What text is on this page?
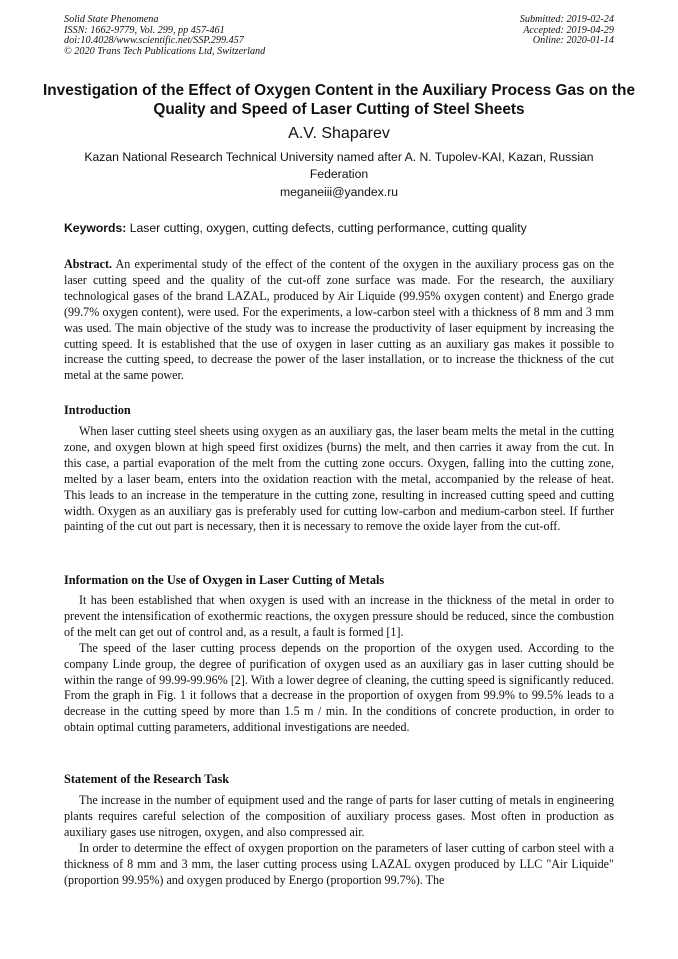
Solid State Phenomena
ISSN: 1662-9779, Vol. 299, pp 457-461
doi:10.4028/www.scientific.net/SSP.299.457
© 2020 Trans Tech Publications Ltd, Switzerland
Submitted: 2019-02-24
Accepted: 2019-04-29
Online: 2020-01-14
Investigation of the Effect of Oxygen Content in the Auxiliary Process Gas on the Quality and Speed of Laser Cutting of Steel Sheets
A.V. Shaparev
Kazan National Research Technical University named after A. N. Tupolev-KAI, Kazan, Russian Federation
meganeiii@yandex.ru
Keywords: Laser cutting, oxygen, cutting defects, cutting performance, cutting quality

Abstract. An experimental study of the effect of the content of the oxygen in the auxiliary process gas on the laser cutting speed and the quality of the cut-off zone surface was made. For the research, the auxiliary technological gases of the brand LAZAL, produced by Air Liquide (99.95% oxygen content) and Energo grade (99.7% oxygen content), were used. For the experiments, a low-carbon steel with a thickness of 8 mm and 3 mm was used. The main objective of the study was to increase the productivity of laser equipment by increasing the cutting speed. It is established that the use of oxygen in laser cutting as an auxiliary gas makes it possible to increase the cutting speed, to decrease the power of the laser installation, or to increase the thickness of the cut metal at the same power.

Introduction

When laser cutting steel sheets using oxygen as an auxiliary gas, the laser beam melts the metal in the cutting zone, and oxygen blown at high speed first oxidizes (burns) the melt, and then carries it away from the cut. In this case, a partial evaporation of the melt from the cutting zone occurs. Oxygen, falling into the cutting zone, melted by a laser beam, enters into the oxidation reaction with the metal, accompanied by the release of heat. This leads to an increase in the temperature in the cutting zone, resulting in increased cutting speed and cutting width. Oxygen as an auxiliary gas is preferably used for cutting low-carbon and medium-carbon steel. If further painting of the cut out part is necessary, then it is necessary to remove the oxide layer from the cut-off.

Information on the Use of Oxygen in Laser Cutting of Metals

It has been established that when oxygen is used with an increase in the thickness of the metal in order to prevent the intensification of exothermic reactions, the oxygen pressure should be reduced, since the combustion of the melt can get out of control and, as a result, a fault is formed [1].

The speed of the laser cutting process depends on the proportion of the oxygen used. According to the company Linde group, the degree of purification of oxygen used as an auxiliary gas in laser cutting should be within the range of 99.99-99.96% [2]. With a lower degree of cleaning, the cutting speed is significantly reduced. From the graph in Fig. 1 it follows that a decrease in the proportion of oxygen from 99.9% to 99.5% leads to a decrease in the cutting speed by more than 1.5 m / min. In the conditions of concrete production, in order to obtain optimal cutting parameters, additional investigations are needed.

Statement of the Research Task

The increase in the number of equipment used and the range of parts for laser cutting of metals in engineering plants requires careful selection of the composition of auxiliary process gases. Most often in production as auxiliary gases use nitrogen, oxygen, and also compressed air.

In order to determine the effect of oxygen proportion on the parameters of laser cutting of carbon steel with a thickness of 8 mm and 3 mm, the laser cutting process using LAZAL oxygen produced by LLC "Air Liquide" (proportion 99.95%) and oxygen produced by Energo (proportion 99.7%). The
